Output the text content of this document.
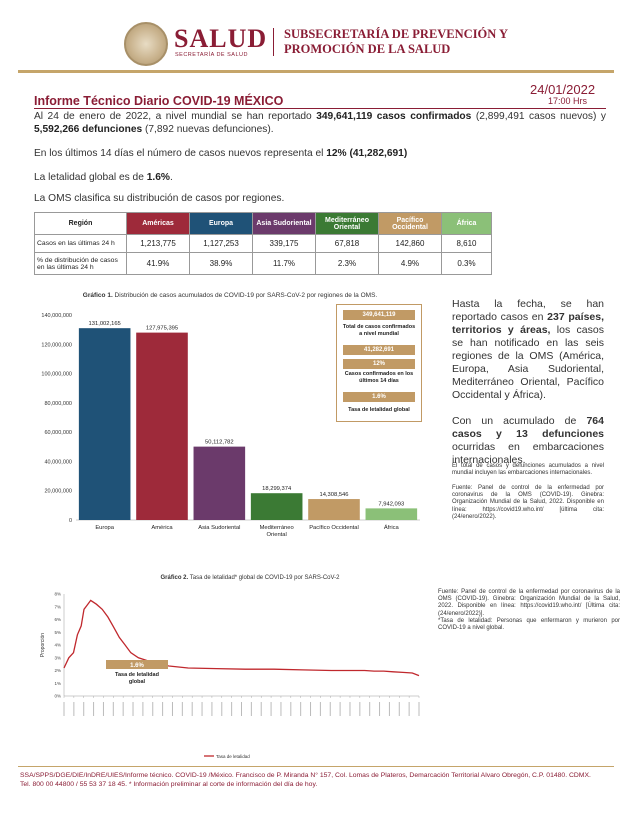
SALUD
SECRETARÍA DE SALUD
SUBSECRETARÍA DE PREVENCIÓN Y
PROMOCIÓN DE LA SALUD
24/01/2022
17:00 Hrs
Informe Técnico Diario COVID-19 MÉXICO
Al 24 de enero de 2022, a nivel mundial se han reportado 349,641,119 casos confirmados (2,899,491 casos nuevos) y 5,592,266 defunciones (7,892 nuevas defunciones).
En los últimos 14 días el número de casos nuevos representa el 12% (41,282,691)
La letalidad global es de 1.6%.
La OMS clasifica su distribución de casos por regiones.
Región	Américas	Europa	Asia Sudoriental	Mediterráneo Oriental	Pacífico Occidental	África
Casos en las últimas 24 h	1,213,775	1,127,253	339,175	67,818	142,860	8,610
% de distribución de casos en las últimas 24 h	41.9%	38.9%	11.7%	2.3%	4.9%	0.3%
Gráfico 1. Distribución de casos acumulados de COVID-19 por SARS-CoV-2 por regiones de la OMS.
0
20,000,000
40,000,000
60,000,000
80,000,000
100,000,000
120,000,000
140,000,000
131,002,165
Europa
127,975,395
América
50,112,782
Asia Sudoriental
18,299,374
Mediterráneo Oriental
14,308,546
Pacífico Occidental
7,942,093
África
349,641,119
Total de casos confirmados a nivel mundial
41,282,691
12%
Casos confirmados en los últimos 14 días
1.6%
Tasa de letalidad global
Hasta la fecha, se han reportado casos en 237 países, territorios y áreas, los casos se han notificado en las seis regiones de la OMS (América, Europa, Asia Sudoriental, Mediterráneo Oriental, Pacífico Occidental y África).
Con un acumulado de 764 casos y 13 defunciones ocurridas en embarcaciones internacionales.
El total de casos y defunciones acumulados a nivel mundial incluyen las embarcaciones internacionales.
Fuente: Panel de control de la enfermedad por coronavirus de la OMS (COVID-19). Ginebra: Organización Mundial de la Salud, 2022. Disponible en línea: https://covid19.who.int/ [última cita: (24/enero/2022).
Gráfico 2. Tasa de letalidad* global de COVID-19 por SARS-CoV-2
0%
1%
2%
3%
4%
5%
6%
7%
8%
Proporción
Tasa de letalidad
1.6%
Tasa de letalidad global
Fuente: Panel de control de la enfermedad por coronavirus de la OMS (COVID-19). Ginebra: Organización Mundial de la Salud, 2022. Disponible en línea: https://covid19.who.int/ [Última cita: (24/enero/2022)].
*Tasa de letalidad: Personas que enfermaron y murieron por COVID-19 a nivel global.
SSA/SPPS/DGE/DIE/InDRE/UIES/Informe técnico. COVID-19 /México. Francisco de P. Miranda N° 157, Col. Lomas de Plateros, Demarcación Territorial Alvaro Obregón, C.P. 01480. CDMX.
Tel. 800 00 44800 / 55 53 37 18 45. * Información preliminar al corte de información del día de hoy.
